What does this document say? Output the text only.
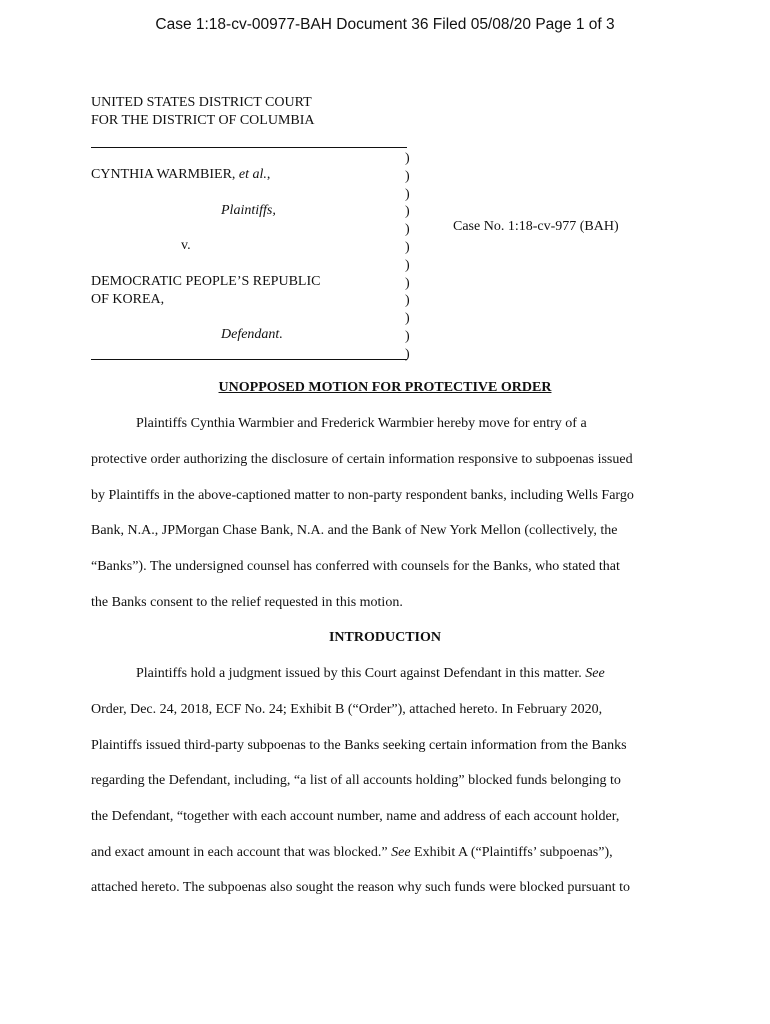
Case 1:18-cv-00977-BAH Document 36 Filed 05/08/20 Page 1 of 3
UNITED STATES DISTRICT COURT
FOR THE DISTRICT OF COLUMBIA
CYNTHIA WARMBIER, et al.,
Plaintiffs,
v.
DEMOCRATIC PEOPLE’S REPUBLIC
OF KOREA,
Defendant.
)
)
)
)
)
)
)
)
)
)
)
)
Case No. 1:18-cv-977 (BAH)
UNOPPOSED MOTION FOR PROTECTIVE ORDER
Plaintiffs Cynthia Warmbier and Frederick Warmbier hereby move for entry of a
protective order authorizing the disclosure of certain information responsive to subpoenas issued
by Plaintiffs in the above-captioned matter to non-party respondent banks, including Wells Fargo
Bank, N.A., JPMorgan Chase Bank, N.A. and the Bank of New York Mellon (collectively, the
“Banks”). The undersigned counsel has conferred with counsels for the Banks, who stated that
the Banks consent to the relief requested in this motion.
INTRODUCTION
Plaintiffs hold a judgment issued by this Court against Defendant in this matter. See
Order, Dec. 24, 2018, ECF No. 24; Exhibit B (“Order”), attached hereto. In February 2020,
Plaintiffs issued third-party subpoenas to the Banks seeking certain information from the Banks
regarding the Defendant, including, “a list of all accounts holding” blocked funds belonging to
the Defendant, “together with each account number, name and address of each account holder,
and exact amount in each account that was blocked.” See Exhibit A (“Plaintiffs’ subpoenas”),
attached hereto. The subpoenas also sought the reason why such funds were blocked pursuant to
